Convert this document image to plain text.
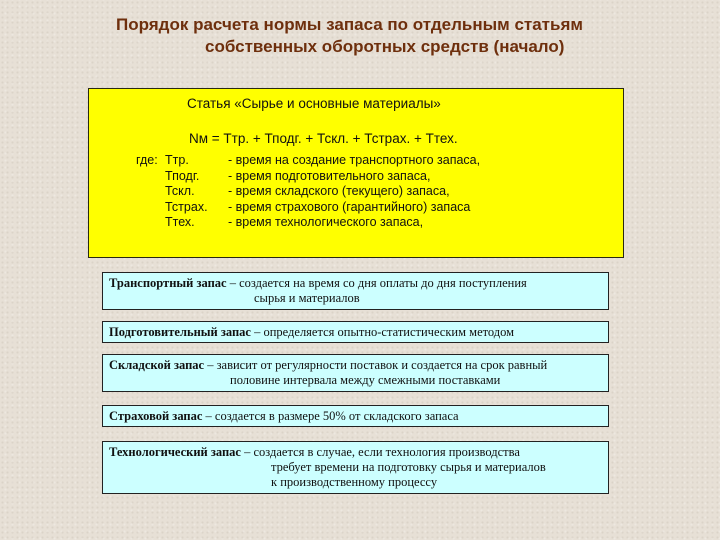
Порядок расчета нормы запаса по отдельным статьям
собственных оборотных средств (начало)
Статья «Сырье и основные материалы»
Nм = Ттр. + Тподг. + Тскл. + Тстрах. + Ттех.
где: Ттр.	- время на создание транспортного запаса,
Тподг.	- время подготовительного запаса,
Тскл.	- время складского (текущего) запаса,
Тстрах.	- время страхового (гарантийного) запаса
Ттех.	- время технологического запаса,
Транспортный запас – создается на время со дня оплаты до дня поступления
сырья и материалов
Подготовительный запас – определяется опытно-статистическим методом
Складской запас – зависит от регулярности поставок и создается на срок равный
половине интервала между смежными поставками
Страховой запас – создается в размере 50% от складского запаса
Технологический запас – создается в случае, если технология производства
требует времени на подготовку сырья и материалов
к производственному процессу
